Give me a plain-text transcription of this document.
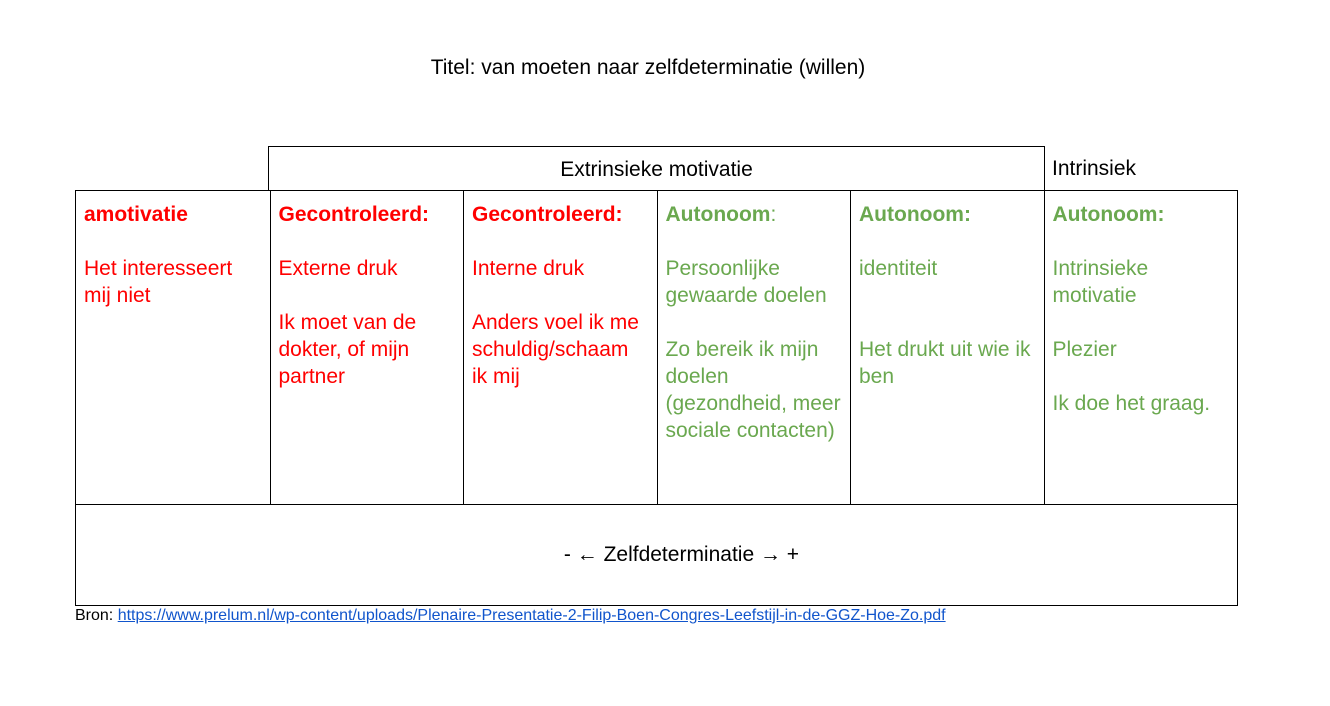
Titel: van moeten naar zelfdeterminatie (willen)
Extrinsieke motivatie	Intrinsiek

amotivatie

Het interesseert mij niet

Gecontroleerd:

Externe druk

Ik moet van de dokter, of mijn partner

Gecontroleerd:

Interne druk

Anders voel ik me schuldig/schaam ik mij

Autonoom:

Persoonlijke gewaarde doelen

Zo bereik ik mijn doelen (gezondheid, meer sociale contacten)

Autonoom:

identiteit

Het drukt uit wie ik ben

Autonoom:

Intrinsieke motivatie

Plezier

Ik doe het graag.

- ← Zelfdeterminatie → +
Bron: https://www.prelum.nl/wp-content/uploads/Plenaire-Presentatie-2-Filip-Boen-Congres-Leefstijl-in-de-GGZ-Hoe-Zo.pdf
